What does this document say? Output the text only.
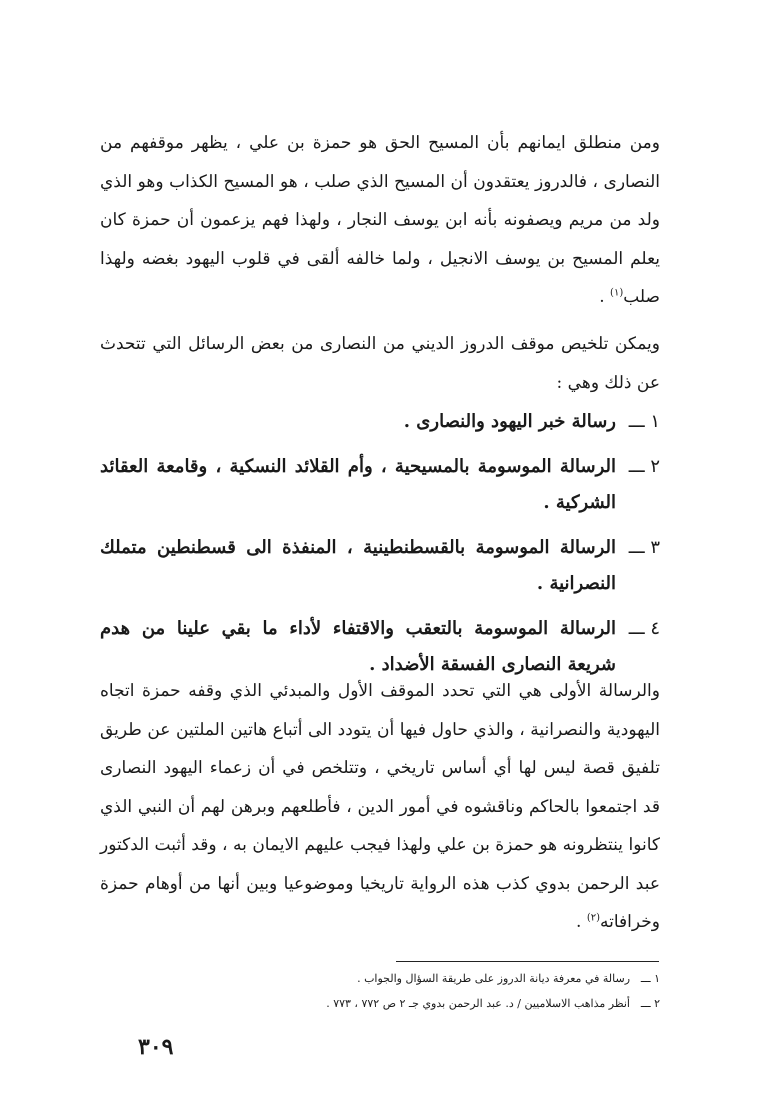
ومن منطلق ايمانهم بأن المسيح الحق هو حمزة بن علي ، يظهر موقفهم من النصارى ، فالدروز يعتقدون أن المسيح الذي صلب ، هو المسيح الكذاب وهو الذي ولد من مريم ويصفونه بأنه ابن يوسف النجار ، ولهذا فهم يزعمون أن حمزة كان يعلم المسيح بن يوسف الانجيل ، ولما خالفه ألقى في قلوب اليهود بغضه ولهذا صلب$^{(١)}$ .

ويمكن تلخيص موقف الدروز الديني من النصارى من بعض الرسائل التي تتحدث عن ذلك وهي :

١ ـــ
رسالة خبر اليهود والنصارى .
٢ ـــ
الرسالة الموسومة بالمسيحية ، وأم القلائد النسكية ، وقامعة العقائد الشركية .
٣ ـــ
الرسالة الموسومة بالقسطنطينية ، المنفذة الى قسطنطين متملك النصرانية .
٤ ـــ
الرسالة الموسومة بالتعقب والاقتفاء لأداء ما بقي علينا من هدم شريعة النصارى الفسقة الأضداد .

والرسالة الأولى هي التي تحدد الموقف الأول والمبدئي الذي وقفه حمزة اتجاه اليهودية والنصرانية ، والذي حاول فيها أن يتودد الى أتباع هاتين الملتين عن طريق تلفيق قصة ليس لها أي أساس تاريخي ، وتتلخص في أن زعماء اليهود النصارى قد اجتمعوا بالحاكم وناقشوه في أمور الدين ، فأطلعهم وبرهن لهم أن النبي الذي كانوا ينتظرونه هو حمزة بن علي ولهذا فيجب عليهم الايمان به ، وقد أثبت الدكتور عبد الرحمن بدوي كذب هذه الرواية تاريخيا وموضوعيا وبين أنها من أوهام حمزة وخرافاته$^{(٢)}$ .

١ ـــ
رسالة في معرفة ديانة الدروز على طريقة السؤال والجواب .
٢ ـــ
أنظر مذاهب الاسلاميين / د. عبد الرحمن بدوي جـ ٢ ص ٧٧٢ ، ٧٧٣ .
٣٠٩
